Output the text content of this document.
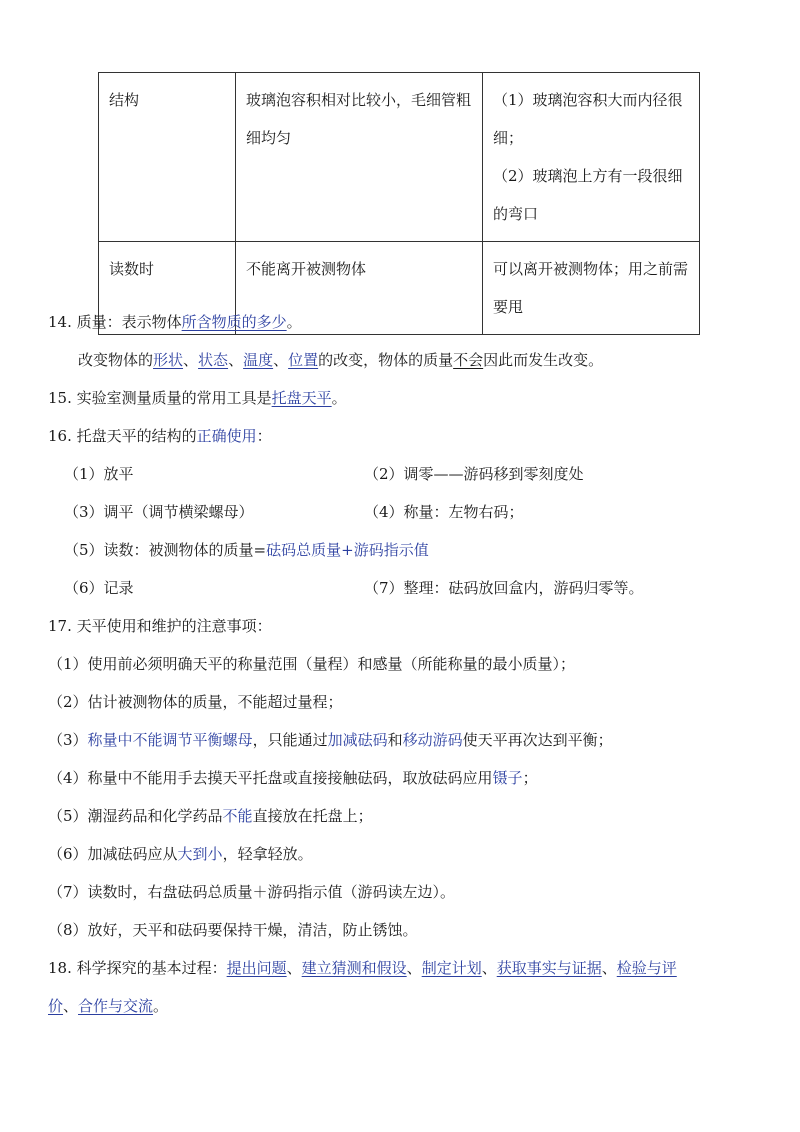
结构	玻璃泡容积相对比较小，毛细管粗细均匀	（1）玻璃泡容积大而内径很细；
（2）玻璃泡上方有一段很细的弯口

读数时	不能离开被测物体	可以离开被测物体；用之前需要甩
14. 质量：表示物体所含物质的多少。
改变物体的形状、状态、温度、位置的改变，物体的质量不会因此而发生改变。
15. 实验室测量质量的常用工具是托盘天平。
16. 托盘天平的结构的正确使用：
（1）放平	（2）调零——游码移到零刻度处
（3）调平（调节横梁螺母）	（4）称量：左物右码；
（5）读数：被测物体的质量=砝码总质量+游码指示值
（6）记录	（7）整理：砝码放回盒内，游码归零等。
17. 天平使用和维护的注意事项：
（1）使用前必须明确天平的称量范围（量程）和感量（所能称量的最小质量）；
（2）估计被测物体的质量，不能超过量程；
（3）称量中不能调节平衡螺母，只能通过加减砝码和移动游码使天平再次达到平衡；
（4）称量中不能用手去摸天平托盘或直接接触砝码，取放砝码应用镊子；
（5）潮湿药品和化学药品不能直接放在托盘上；
（6）加减砝码应从大到小，轻拿轻放。
（7）读数时，右盘砝码总质量＋游码指示值（游码读左边）。
（8）放好，天平和砝码要保持干燥，清洁，防止锈蚀。
18. 科学探究的基本过程：提出问题、建立猜测和假设、制定计划、获取事实与证据、检验与评
价、合作与交流。
